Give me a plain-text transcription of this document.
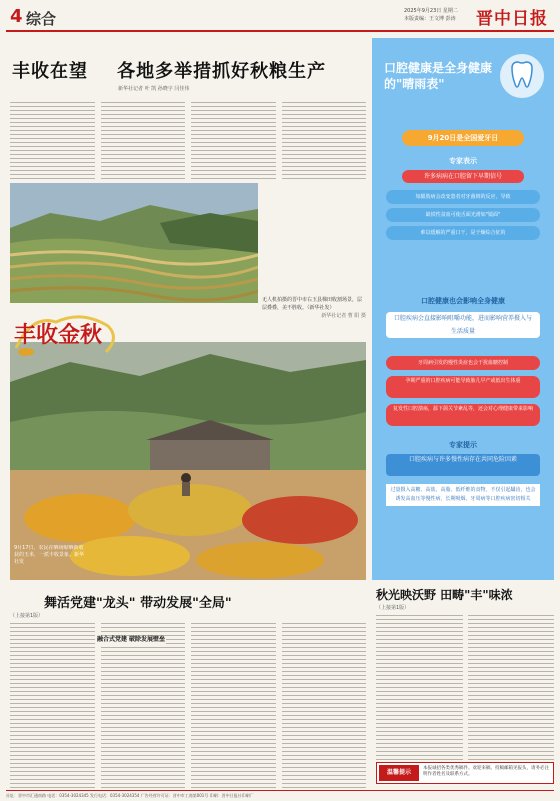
4 综合	2025年9月23日 星期二
本版责编：王文博 彭涛 晋中日报
丰收在望 各地多举措抓好秋粮生产
新华社记者 叶 凯 孙晓宇 闫佳伟
无人机拍摄的晋中市右玉县梯田收割场景，层层叠叠，美不胜收。（新华社发）
新华社记者 曹 阳 摄
丰收金秋
9月17日，农民在晒场晾晒新收获的玉米，一派丰收景象。新华社发
舞活党建"龙头" 带动发展"全局"
（上接第1版）
融合式党建 破除发展壁垒
口腔健康是全身健康的"晴雨表"
9月20日是全国爱牙日
专家表示
许多病病在口腔留下早期信号
如龈肢病会改变患者对牙菌斑的反应，导致
缺铁性贫血可使舌面光滑如"镜面"
难以缓解的严重口干，是干燥综合征的
口腔健康也会影响全身健康
口腔疾病会直接影响咀嚼功能，进而影响营养摄入与生活质量
牙周病引发的慢性炎症也会干扰血糖控制
孕期严重的口腔疾病可能导致胎儿早产或低出生体重
复发性口腔溃疡，舔下颌关节紊乱等，还会对心理健康带来影响
专家提示
口腔疾病与许多慢性病存在共同危险因素
过量摄入高糖、高盐、高脂、低纤维的食物，不仅引起龋齿，也会诱发高血压等慢性病，长期吸烟、牙周病等口腔疾病密切相关
秋光映沃野 田畴"丰"味浓
（上接第1版）
温馨提示
本报诚招各类优秀稿件。欢迎来稿，投稿邮箱见报头，请务必注明作者姓名及联系方式。
社址：晋中市汇通南路 电话：0354-3024345 发行电话：0354-3024354 广告经营许可证：晋中市工商第001号 印刷：晋中日报社印刷厂
